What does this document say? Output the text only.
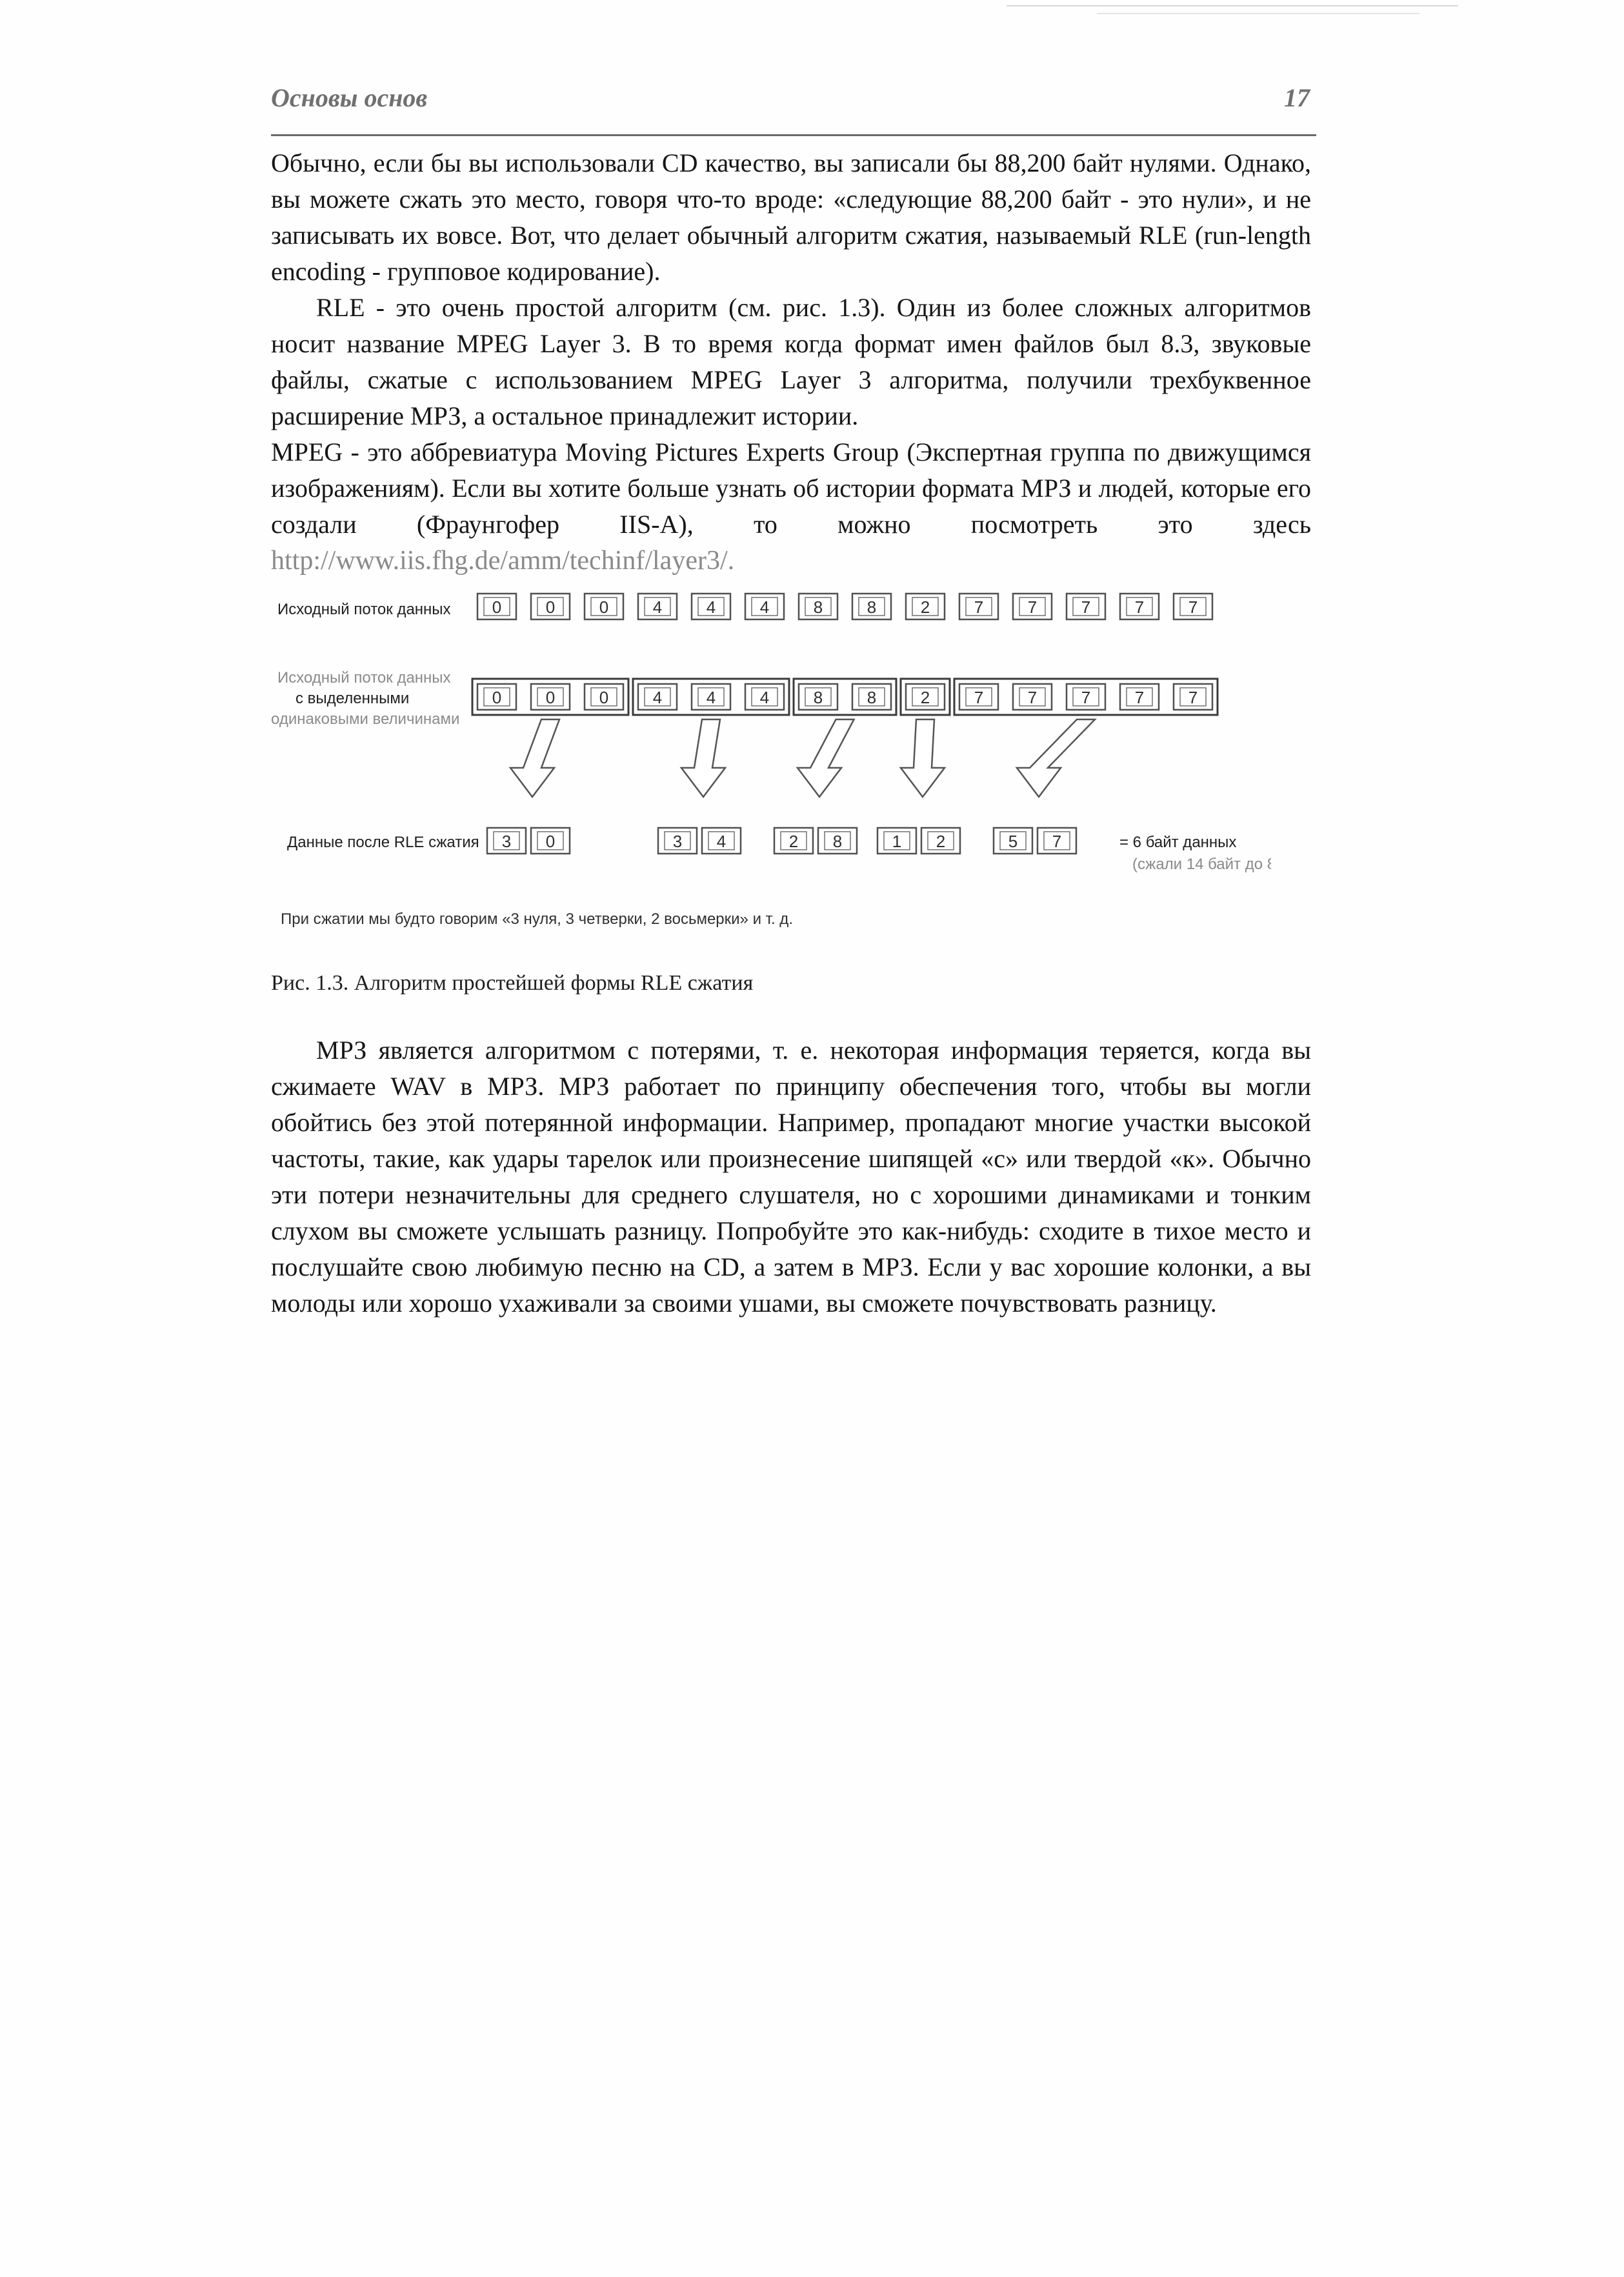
Основы основ	17

Обычно, если бы вы использовали CD качество, вы записали бы 88,200 байт нулями. Однако, вы можете сжать это место, говоря что-то вроде: «следующие 88,200 байт - это нули», и не записывать их вовсе. Вот, что делает обычный алгоритм сжатия, называемый RLE (run-length encoding - групповое кодирование).

RLE - это очень простой алгоритм (см. рис. 1.3). Один из более сложных алгоритмов носит название MPEG Layer 3. В то время когда формат имен файлов был 8.3, звуковые файлы, сжатые с использованием MPEG Layer 3 алгоритма, получили трехбуквенное расширение МРЗ, а остальное принадлежит истории.

MPEG - это аббревиатура Moving Pictures Experts Group (Экспертная группа по движущимся изображениям). Если вы хотите больше узнать об истории формата МРЗ и людей, которые его создали (Фраунгофер IIS-A), то можно посмотреть это здесь http://www.iis.fhg.de/amm/techinf/layer3/.

Исходный поток данных 0	0	0	4	4	4	8	8	2	7	7	7	7	7
Исходный поток данных
с выделенными
одинаковыми величинами
0	0	0	4	4	4	8	8	2	7	7	7	7	7
Данные после RLE сжатия 3 0	3 4	2 8	1 2	5 7	= 6 байт данных
(сжали 14 байт до 8)
При сжатии мы будто говорим «3 нуля, 3 четверки, 2 восьмерки» и т. д.
Рис. 1.3. Алгоритм простейшей формы RLE сжатия

МРЗ является алгоритмом с потерями, т. е. некоторая информация теряется, когда вы сжимаете WAV в МРЗ. МРЗ работает по принципу обеспечения того, чтобы вы могли обойтись без этой потерянной информации. Например, пропадают многие участки высокой частоты, такие, как удары тарелок или произнесение шипящей «с» или твердой «к». Обычно эти потери незначительны для среднего слушателя, но с хорошими динамиками и тонким слухом вы сможете услышать разницу. Попробуйте это как-нибудь: сходите в тихое место и послушайте свою любимую песню на CD, а затем в МРЗ. Если у вас хорошие колонки, а вы молоды или хорошо ухаживали за своими ушами, вы сможете почувствовать разницу.
